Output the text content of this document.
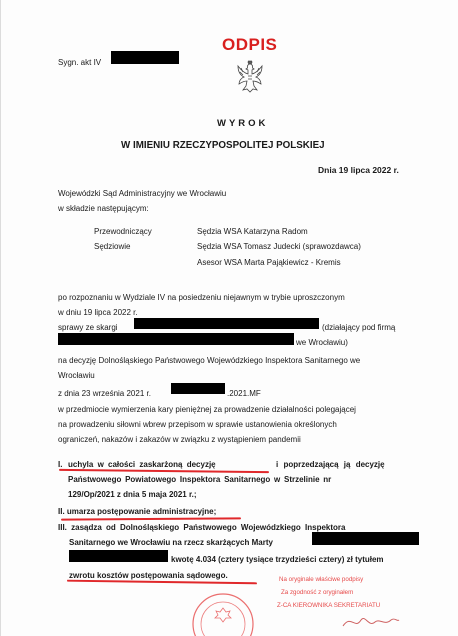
Sygn. akt IV
ODPIS
WYROK
W IMIENIU RZECZYPOSPOLITEJ POLSKIEJ
Dnia 19 lipca 2022 r.
Wojewódzki Sąd Administracyjny we Wrocławiu
w składzie następującym:
Przewodniczący	Sędzia WSA Katarzyna Radom
Sędziowie	Sędzia WSA Tomasz Judecki (sprawozdawca)
Asesor WSA Marta Pająkiewicz - Kremis
po rozpoznaniu w Wydziale IV na posiedzeniu niejawnym w trybie uproszczonym
w dniu 19 lipca 2022 r.
sprawy ze skargi	(działający pod firmą
we Wrocławiu)
na decyzję Dolnośląskiego Państwowego Wojewódzkiego Inspektora Sanitarnego we
Wrocławiu
z dnia 23 września 2021 r.	.2021.MF
w przedmiocie wymierzenia kary pieniężnej za prowadzenie działalności polegającej
na prowadzeniu siłowni wbrew przepisom w sprawie ustanowienia określonych
ograniczeń, nakazów i zakazów w związku z wystąpieniem pandemii
I. uchyla w całości zaskarżoną decyzję	i poprzedzającą ją decyzję
Państwowego Powiatowego Inspektora Sanitarnego w Strzelinie nr
129/Op/2021 z dnia 5 maja 2021 r.;
II. umarza postępowanie administracyjne;
III. zasądza od Dolnośląskiego Państwowego Wojewódzkiego Inspektora
Sanitarnego we Wrocławiu na rzecz skarżących Marty
kwotę 4.034 (cztery tysiące trzydzieści cztery) zł tytułem
zwrotu kosztów postępowania sądowego.	Na oryginale właściwe podpisy
Za zgodność z oryginałem
Z-CA KIEROWNIKA SEKRETARIATU
